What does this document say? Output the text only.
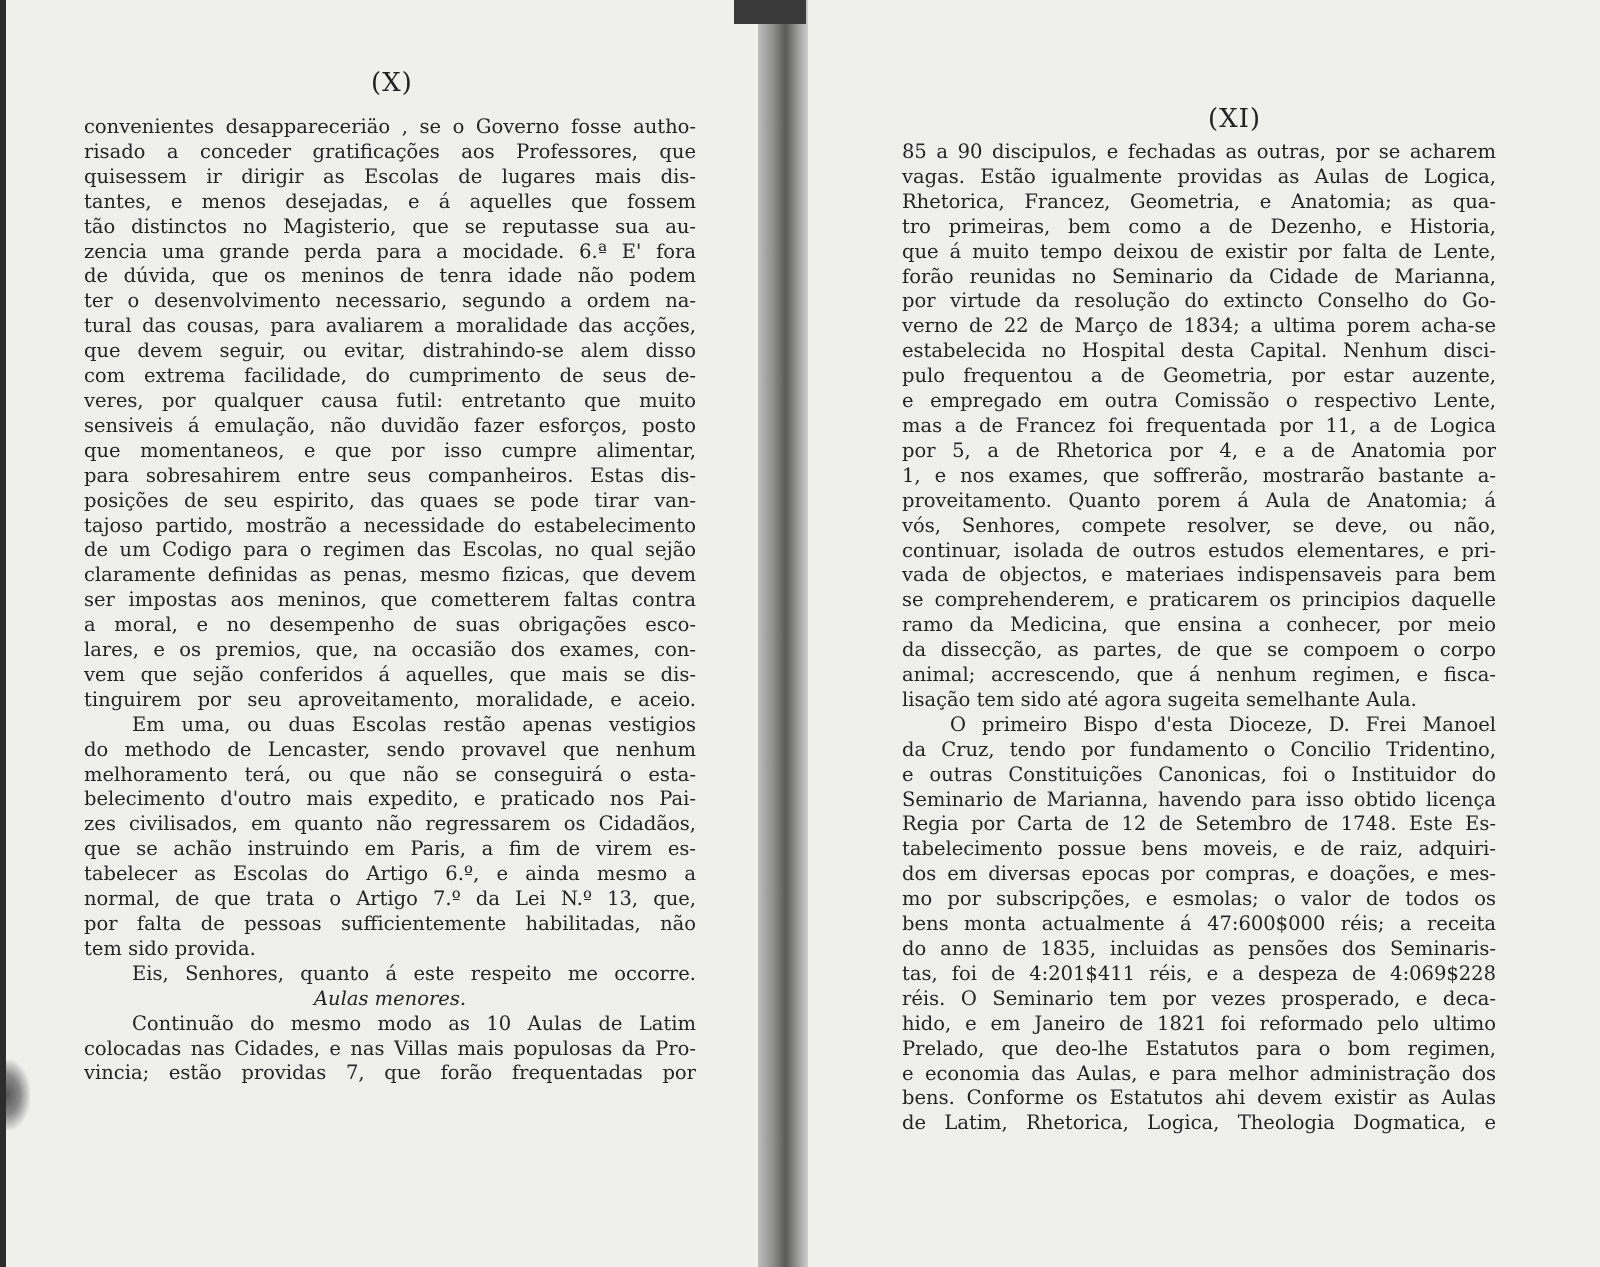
(X)
convenientes desappareceriäo , se o Governo fosse autho-
risado a conceder gratificações aos Professores, que
quisessem ir dirigir as Escolas de lugares mais dis-
tantes, e menos desejadas, e á aquelles que fossem
tão distinctos no Magisterio, que se reputasse sua au-
zencia uma grande perda para a mocidade. 6.ª E' fora
de dúvida, que os meninos de tenra idade não podem
ter o desenvolvimento necessario, segundo a ordem na-
tural das cousas, para avaliarem a moralidade das acções,
que devem seguir, ou evitar, distrahindo-se alem disso
com extrema facilidade, do cumprimento de seus de-
veres, por qualquer causa futil: entretanto que muito
sensiveis á emulação, não duvidão fazer esforços, posto
que momentaneos, e que por isso cumpre alimentar,
para sobresahirem entre seus companheiros. Estas dis-
posições de seu espirito, das quaes se pode tirar van-
tajoso partido, mostrão a necessidade do estabelecimento
de um Codigo para o regimen das Escolas, no qual sejão
claramente definidas as penas, mesmo fizicas, que devem
ser impostas aos meninos, que cometterem faltas contra
a moral, e no desempenho de suas obrigações esco-
lares, e os premios, que, na occasião dos exames, con-
vem que sejão conferidos á aquelles, que mais se dis-
tinguirem por seu aproveitamento, moralidade, e aceio.
Em uma, ou duas Escolas restão apenas vestigios
do methodo de Lencaster, sendo provavel que nenhum
melhoramento terá, ou que não se conseguirá o esta-
belecimento d'outro mais expedito, e praticado nos Pai-
zes civilisados, em quanto não regressarem os Cidadãos,
que se achão instruindo em Paris, a fim de virem es-
tabelecer as Escolas do Artigo 6.º, e ainda mesmo a
normal, de que trata o Artigo 7.º da Lei N.º 13, que,
por falta de pessoas sufficientemente habilitadas, não
tem sido provida.
Eis, Senhores, quanto á este respeito me occorre.
Aulas menores.
Continuão do mesmo modo as 10 Aulas de Latim
colocadas nas Cidades, e nas Villas mais populosas da Pro-
vincia; estão providas 7, que forão frequentadas por
(XI)
85 a 90 discipulos, e fechadas as outras, por se acharem
vagas. Estão igualmente providas as Aulas de Logica,
Rhetorica, Francez, Geometria, e Anatomia; as qua-
tro primeiras, bem como a de Dezenho, e Historia,
que á muito tempo deixou de existir por falta de Lente,
forão reunidas no Seminario da Cidade de Marianna,
por virtude da resolução do extincto Conselho do Go-
verno de 22 de Março de 1834; a ultima porem acha-se
estabelecida no Hospital desta Capital. Nenhum disci-
pulo frequentou a de Geometria, por estar auzente,
e empregado em outra Comissão o respectivo Lente,
mas a de Francez foi frequentada por 11, a de Logica
por 5, a de Rhetorica por 4, e a de Anatomia por
1, e nos exames, que soffrerão, mostrarão bastante a-
proveitamento. Quanto porem á Aula de Anatomia; á
vós, Senhores, compete resolver, se deve, ou não,
continuar, isolada de outros estudos elementares, e pri-
vada de objectos, e materiaes indispensaveis para bem
se comprehenderem, e praticarem os principios daquelle
ramo da Medicina, que ensina a conhecer, por meio
da dissecção, as partes, de que se compoem o corpo
animal; accrescendo, que á nenhum regimen, e fisca-
lisação tem sido até agora sugeita semelhante Aula.
O primeiro Bispo d'esta Dioceze, D. Frei Manoel
da Cruz, tendo por fundamento o Concilio Tridentino,
e outras Constituições Canonicas, foi o Instituidor do
Seminario de Marianna, havendo para isso obtido licença
Regia por Carta de 12 de Setembro de 1748. Este Es-
tabelecimento possue bens moveis, e de raiz, adquiri-
dos em diversas epocas por compras, e doações, e mes-
mo por subscripções, e esmolas; o valor de todos os
bens monta actualmente á 47:600$000 réis; a receita
do anno de 1835, incluidas as pensões dos Seminaris-
tas, foi de 4:201$411 réis, e a despeza de 4:069$228
réis. O Seminario tem por vezes prosperado, e deca-
hido, e em Janeiro de 1821 foi reformado pelo ultimo
Prelado, que deo-lhe Estatutos para o bom regimen,
e economia das Aulas, e para melhor administração dos
bens. Conforme os Estatutos ahi devem existir as Aulas
de Latim, Rhetorica, Logica, Theologia Dogmatica, e
